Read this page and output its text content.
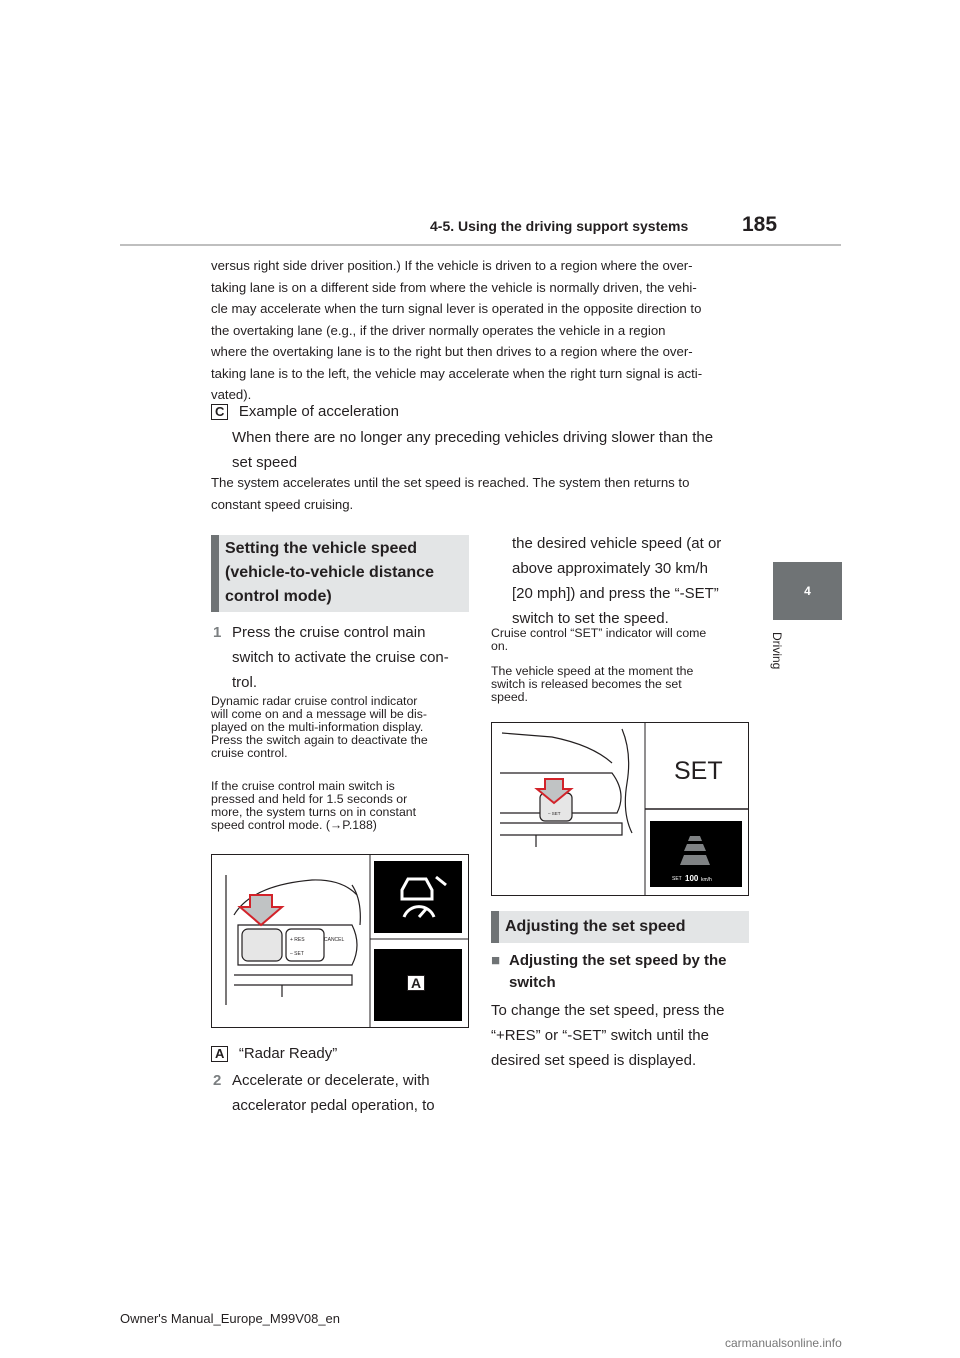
4-5. Using the driving support systems	185
4
Driving
versus right side driver position.) If the vehicle is driven to a region where the over-
taking lane is on a different side from where the vehicle is normally driven, the vehi-
cle may accelerate when the turn signal lever is operated in the opposite direction to
the overtaking lane (e.g., if the driver normally operates the vehicle in a region
where the overtaking lane is to the right but then drives to a region where the over-
taking lane is to the left, the vehicle may accelerate when the right turn signal is acti-
vated).
C Example of acceleration
When there are no longer any preceding vehicles driving slower than the
set speed
The system accelerates until the set speed is reached. The system then returns to
constant speed cruising.
Setting the vehicle speed
(vehicle-to-vehicle distance
control mode)
1 Press the cruise control main
switch to activate the cruise con-
trol.
Dynamic radar cruise control indicator
will come on and a message will be dis-
played on the multi-information display.
Press the switch again to deactivate the
cruise control.
If the cruise control main switch is
pressed and held for 1.5 seconds or
more, the system turns on in constant
speed control mode. (→P.188)
+ RES
– SET
CANCEL
A
A “Radar Ready”
2 Accelerate or decelerate, with
accelerator pedal operation, to
the desired vehicle speed (at or
above approximately 30 km/h
[20 mph]) and press the “-SET”
switch to set the speed.
Cruise control “SET” indicator will come
on.
The vehicle speed at the moment the
switch is released becomes the set
speed.
– SET
SET
SET 100 km/h
Adjusting the set speed
■ Adjusting the set speed by the
switch
To change the set speed, press the
“+RES” or “-SET” switch until the
desired set speed is displayed.
Owner's Manual_Europe_M99V08_en
carmanualsonline.info
